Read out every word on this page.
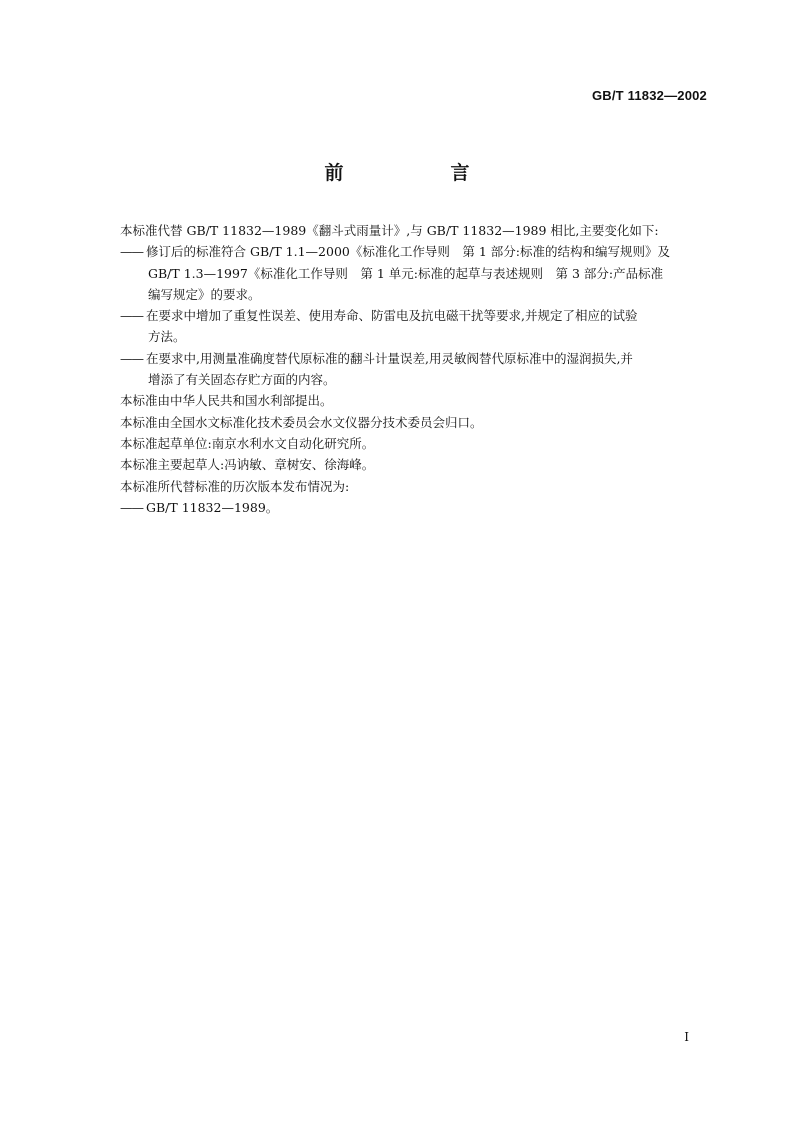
GB/T 11832—2002
前　言
本标准代替 GB/T 11832—1989《翻斗式雨量计》,与 GB/T 11832—1989 相比,主要变化如下:
—— 修订后的标准符合 GB/T 1.1—2000《标准化工作导则　第 1 部分:标准的结构和编写规则》及
GB/T 1.3—1997《标准化工作导则　第 1 单元:标准的起草与表述规则　第 3 部分:产品标准
编写规定》的要求。
—— 在要求中增加了重复性误差、使用寿命、防雷电及抗电磁干扰等要求,并规定了相应的试验
方法。
—— 在要求中,用测量准确度替代原标准的翻斗计量误差,用灵敏阀替代原标准中的湿润损失,并
增添了有关固态存贮方面的内容。
本标准由中华人民共和国水利部提出。
本标准由全国水文标准化技术委员会水文仪器分技术委员会归口。
本标准起草单位:南京水利水文自动化研究所。
本标准主要起草人:冯讷敏、章树安、徐海峰。
本标准所代替标准的历次版本发布情况为:
—— GB/T 11832—1989。
I
